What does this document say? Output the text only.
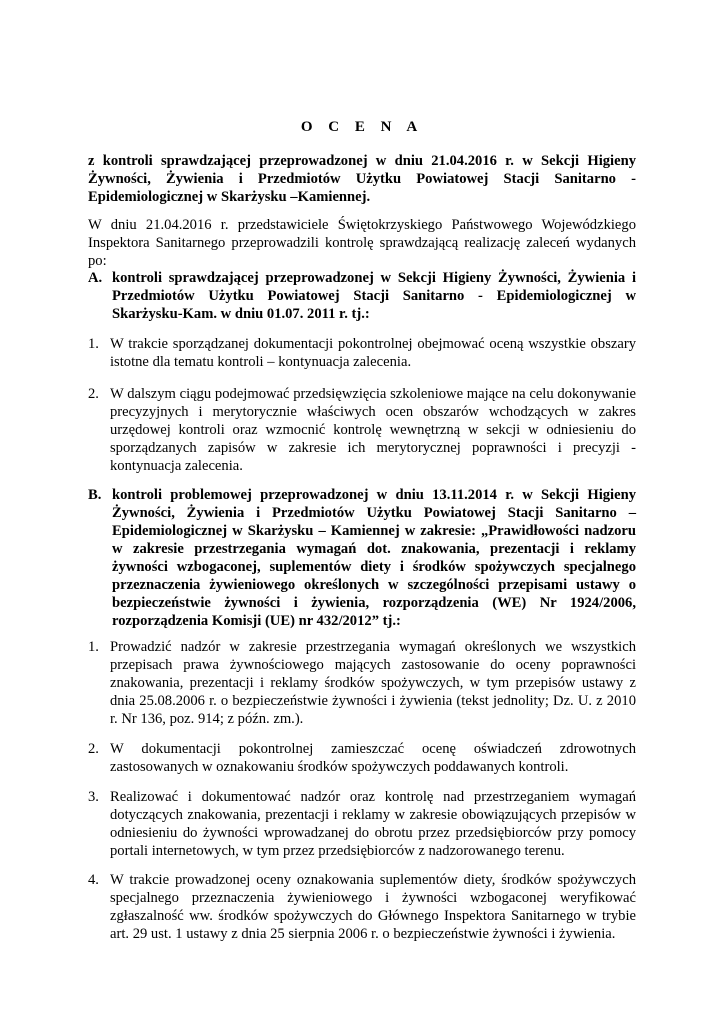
O C E N A
z kontroli sprawdzającej przeprowadzonej w dniu 21.04.2016 r. w Sekcji Higieny Żywności, Żywienia i Przedmiotów Użytku Powiatowej Stacji Sanitarno - Epidemiologicznej w Skarżysku –Kamiennej.
W dniu 21.04.2016 r. przedstawiciele Świętokrzyskiego Państwowego Wojewódzkiego Inspektora Sanitarnego przeprowadzili kontrolę sprawdzającą realizację zaleceń wydanych po:
A. kontroli sprawdzającej przeprowadzonej w Sekcji Higieny Żywności, Żywienia i Przedmiotów Użytku Powiatowej Stacji Sanitarno - Epidemiologicznej w Skarżysku-Kam. w dniu 01.07. 2011 r. tj.:
1. W trakcie sporządzanej dokumentacji pokontrolnej obejmować oceną wszystkie obszary istotne dla tematu kontroli – kontynuacja zalecenia.
2. W dalszym ciągu podejmować przedsięwzięcia szkoleniowe mające na celu dokonywanie precyzyjnych i merytorycznie właściwych ocen obszarów wchodzących w zakres urzędowej kontroli oraz wzmocnić kontrolę wewnętrzną w sekcji w odniesieniu do sporządzanych zapisów w zakresie ich merytorycznej poprawności i precyzji - kontynuacja zalecenia.
B. kontroli problemowej przeprowadzonej w dniu 13.11.2014 r. w Sekcji Higieny Żywności, Żywienia i Przedmiotów Użytku Powiatowej Stacji Sanitarno – Epidemiologicznej w Skarżysku – Kamiennej w zakresie: „Prawidłowości nadzoru w zakresie przestrzegania wymagań dot. znakowania, prezentacji i reklamy żywności wzbogaconej, suplementów diety i środków spożywczych specjalnego przeznaczenia żywieniowego określonych w szczególności przepisami ustawy o bezpieczeństwie żywności i żywienia, rozporządzenia (WE) Nr 1924/2006, rozporządzenia Komisji (UE) nr 432/2012” tj.:
1. Prowadzić nadzór w zakresie przestrzegania wymagań określonych we wszystkich przepisach prawa żywnościowego mających zastosowanie do oceny poprawności znakowania, prezentacji i reklamy środków spożywczych, w tym przepisów ustawy z dnia 25.08.2006 r. o bezpieczeństwie żywności i żywienia (tekst jednolity; Dz. U. z 2010 r. Nr 136, poz. 914; z późn. zm.).
2. W dokumentacji pokontrolnej zamieszczać ocenę oświadczeń zdrowotnych zastosowanych w oznakowaniu środków spożywczych poddawanych kontroli.
3. Realizować i dokumentować nadzór oraz kontrolę nad przestrzeganiem wymagań dotyczących znakowania, prezentacji i reklamy w zakresie obowiązujących przepisów w odniesieniu do żywności wprowadzanej do obrotu przez przedsiębiorców przy pomocy portali internetowych, w tym przez przedsiębiorców z nadzorowanego terenu.
4. W trakcie prowadzonej oceny oznakowania suplementów diety, środków spożywczych specjalnego przeznaczenia żywieniowego i żywności wzbogaconej weryfikować zgłaszalność ww. środków spożywczych do Głównego Inspektora Sanitarnego w trybie art. 29 ust. 1 ustawy z dnia 25 sierpnia 2006 r. o bezpieczeństwie żywności i żywienia.
